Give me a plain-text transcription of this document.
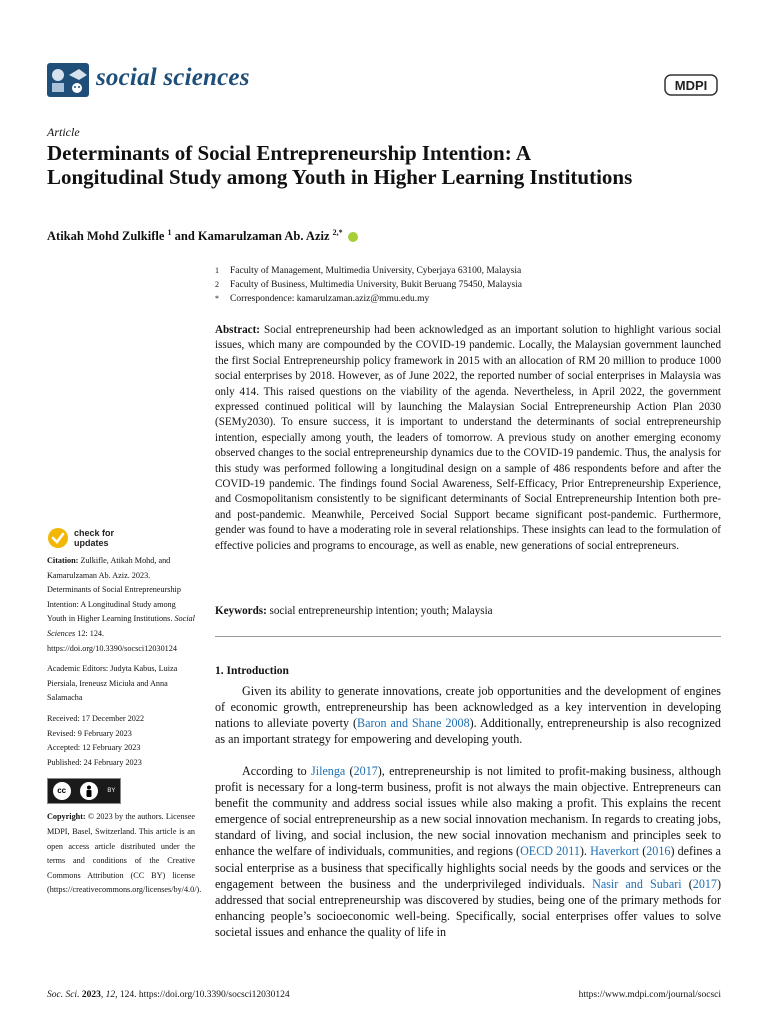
social sciences	MDPI
Article
Determinants of Social Entrepreneurship Intention: A Longitudinal Study among Youth in Higher Learning Institutions
Atikah Mohd Zulkifle $^1$ and Kamarulzaman Ab. Aziz $^{2,*}$
1	Faculty of Management, Multimedia University, Cyberjaya 63100, Malaysia
2	Faculty of Business, Multimedia University, Bukit Beruang 75450, Malaysia
*	Correspondence: kamarulzaman.aziz@mmu.edu.my

Abstract: Social entrepreneurship had been acknowledged as an important solution to highlight various social issues, which many are compounded by the COVID-19 pandemic. Locally, the Malaysian government launched the first Social Entrepreneurship policy framework in 2015 with an allocation of RM 20 million to produce 1000 social enterprises by 2018. However, as of June 2022, the reported number of social enterprises in Malaysia was only 414. This raised questions on the viability of the agenda. Nevertheless, in April 2022, the government expressed continued political will by launching the Malaysian Social Entrepreneurship Action Plan 2030 (SEMy2030). To ensure success, it is important to understand the determinants of social entrepreneurship intention, especially among youth, the leaders of tomorrow. A previous study on another emerging economy observed changes to the social entrepreneurship dynamics due to the COVID-19 pandemic. Thus, the analysis for this study was performed following a longitudinal design on a sample of 486 respondents before and after the COVID-19 pandemic. The findings found Social Awareness, Self-Efficacy, Prior Entrepreneurship Experience, and Cosmopolitanism consistently to be significant determinants of Social Entrepreneurship Intention both pre- and post-pandemic. Meanwhile, Perceived Social Support became significant post-pandemic. Furthermore, gender was found to have a moderating role in several relationships. These insights can lead to the formulation of effective policies and programs to encourage, as well as enable, new generations of social entrepreneurs.

Keywords: social entrepreneurship intention; youth; Malaysia
1. Introduction

Given its ability to generate innovations, create job opportunities and the development of engines of economic growth, entrepreneurship has been acknowledged as a key intervention in developing nations to alleviate poverty (Baron and Shane 2008). Additionally, entrepreneurship is also recognized as an important strategy for empowering and developing youth.

According to Jilenga (2017), entrepreneurship is not limited to profit-making business, although profit is necessary for a long-term business, profit is not always the main objective. Entrepreneurs can benefit the community and address social issues while also making a profit. This explains the recent emergence of social entrepreneurship as a new social innovation mechanism. In regards to creating jobs, standard of living, and social inclusion, the new social innovation mechanism and principles seek to enhance the welfare of individuals, communities, and regions (OECD 2011). Haverkort (2016) defines a social enterprise as a business that specifically highlights social needs by the goods and services or the engagement between the business and the underprivileged individuals. Nasir and Subari (2017) addressed that social entrepreneurship was discovered by studies, being one of the primary methods for enhancing people’s socioeconomic well-being. Specifically, social enterprises offer values to solve societal issues and enhance the quality of life in

check for
updates

Citation: Zulkifle, Atikah Mohd, and Kamarulzaman Ab. Aziz. 2023. Determinants of Social Entrepreneurship Intention: A Longitudinal Study among Youth in Higher Learning Institutions. Social Sciences 12: 124. https://doi.org/10.3390/socsci12030124

Academic Editors: Judyta Kabus, Luiza Piersiala, Ireneusz Miciuła and Anna Salamacha

Received: 17 December 2022

Revised: 9 February 2023

Accepted: 12 February 2023

Published: 24 February 2023

cc	BY

Copyright: © 2023 by the authors. Licensee MDPI, Basel, Switzerland. This article is an open access article distributed under the terms and conditions of the Creative Commons Attribution (CC BY) license (https://creativecommons.org/licenses/by/4.0/).

Soc. Sci. 2023, 12, 124. https://doi.org/10.3390/socsci12030124	https://www.mdpi.com/journal/socsci
